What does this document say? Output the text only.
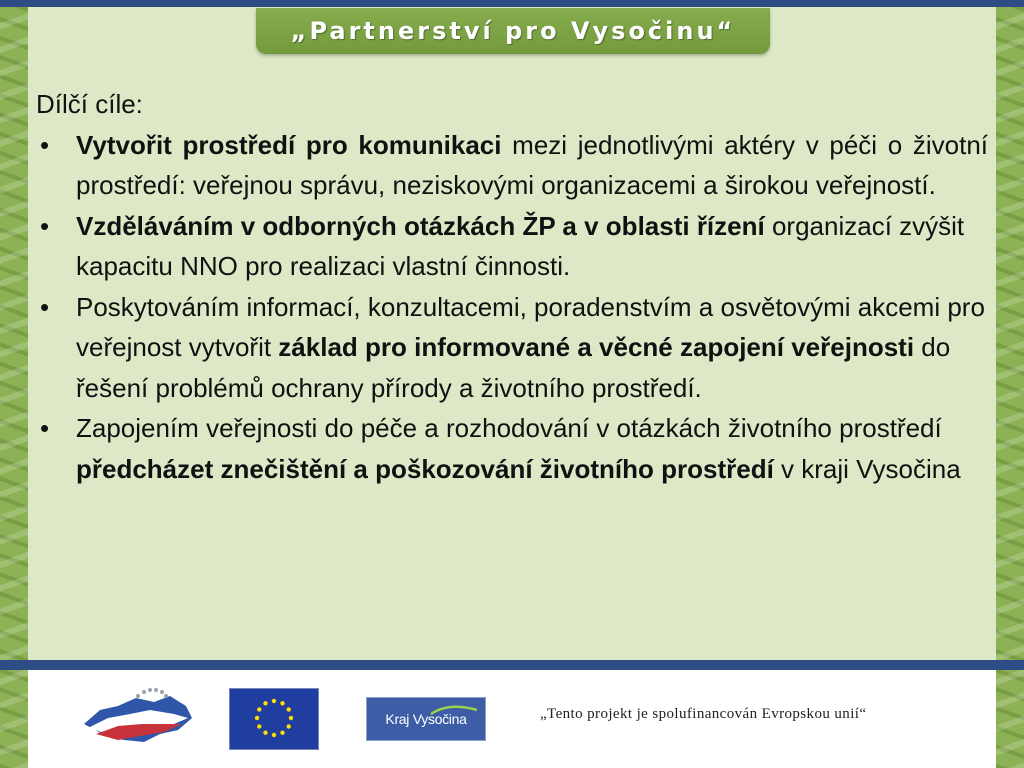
„Partnerství pro Vysočinu“

Dílčí cíle:

• Vytvořit prostředí pro komunikaci mezi jednotlivými aktéry v péči o životní prostředí: veřejnou správu, neziskovými organizacemi a širokou veřejností.
• Vzděláváním v odborných otázkách ŽP a v oblasti řízení organizací zvýšit kapacitu NNO pro realizaci vlastní činnosti.
• Poskytováním informací, konzultacemi, poradenstvím a osvětovými akcemi pro veřejnost vytvořit základ pro informované a věcné zapojení veřejnosti do řešení problémů ochrany přírody a životního prostředí.
• Zapojením veřejnosti do péče a rozhodování v otázkách životního prostředí předcházet znečištění a poškozování životního prostředí v kraji Vysočina
Kraj Vysočina	„Tento projekt je spolufinancován Evropskou unií“
